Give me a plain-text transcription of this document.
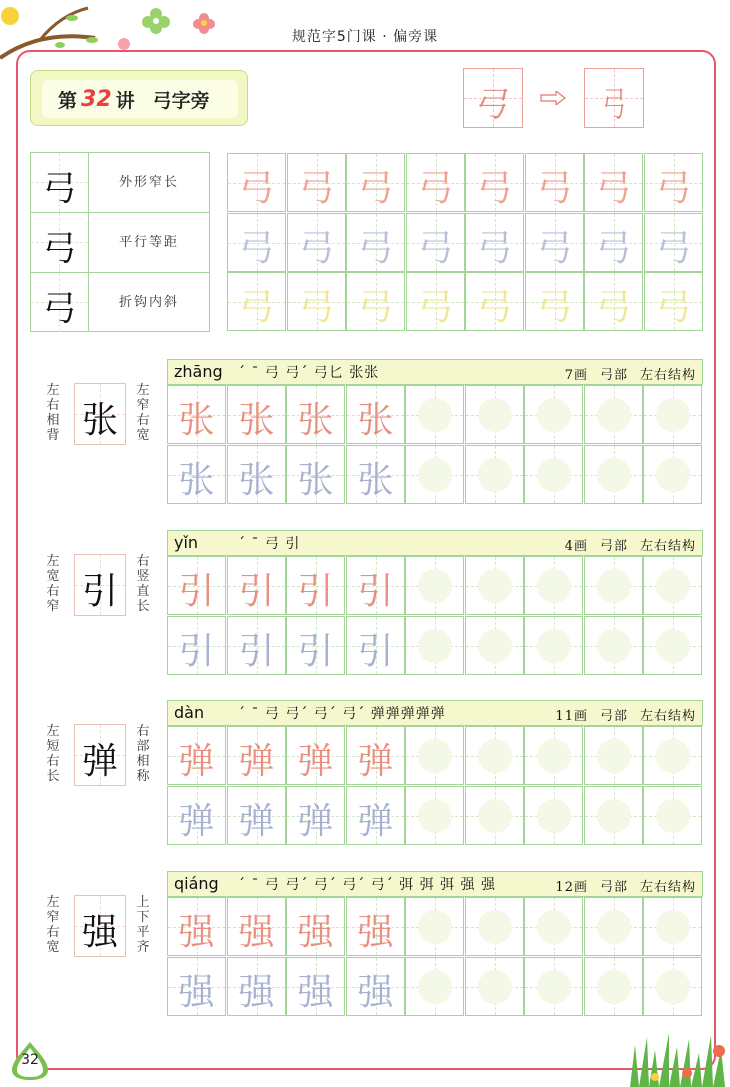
规范字5门课 · 偏旁课
第 32 讲 弓字旁	弓	弓
弓	外形窄长
弓	平行等距
弓	折钩内斜
弓 弓 弓 弓 弓 弓 弓 弓
弓 弓 弓 弓 弓 弓 弓 弓
弓 弓 弓 弓 弓 弓 弓 弓
zhāng ˊ ˉ 弓 弓ˊ 弓⼔ 张张	7画 弓部 左右结构
左
右
相
背
左
窄
右
宽
张 张 张 张 张
张 张 张 张
yǐn	ˊ ˉ 弓 引	4画 弓部 左右结构
左
宽
右
窄
右
竖
直
长
引 引 引 引 引
引 引 引 引
dàn ˊ ˉ 弓 弓ˊ 弓ˊ 弓ˊ 弹弹弹弹弹	11画 弓部 左右结构
左
短
右
长
右
部
相
称
弹 弹 弹 弹 弹
弹 弹 弹 弹
qiáng ˊ ˉ 弓 弓ˊ 弓ˊ 弓ˊ 弓ˊ 弭 弭 弭 强 强	12画 弓部 左右结构
左
窄
右
宽
上
下
平
齐
强 强 强 强 强
强 强 强 强
32
